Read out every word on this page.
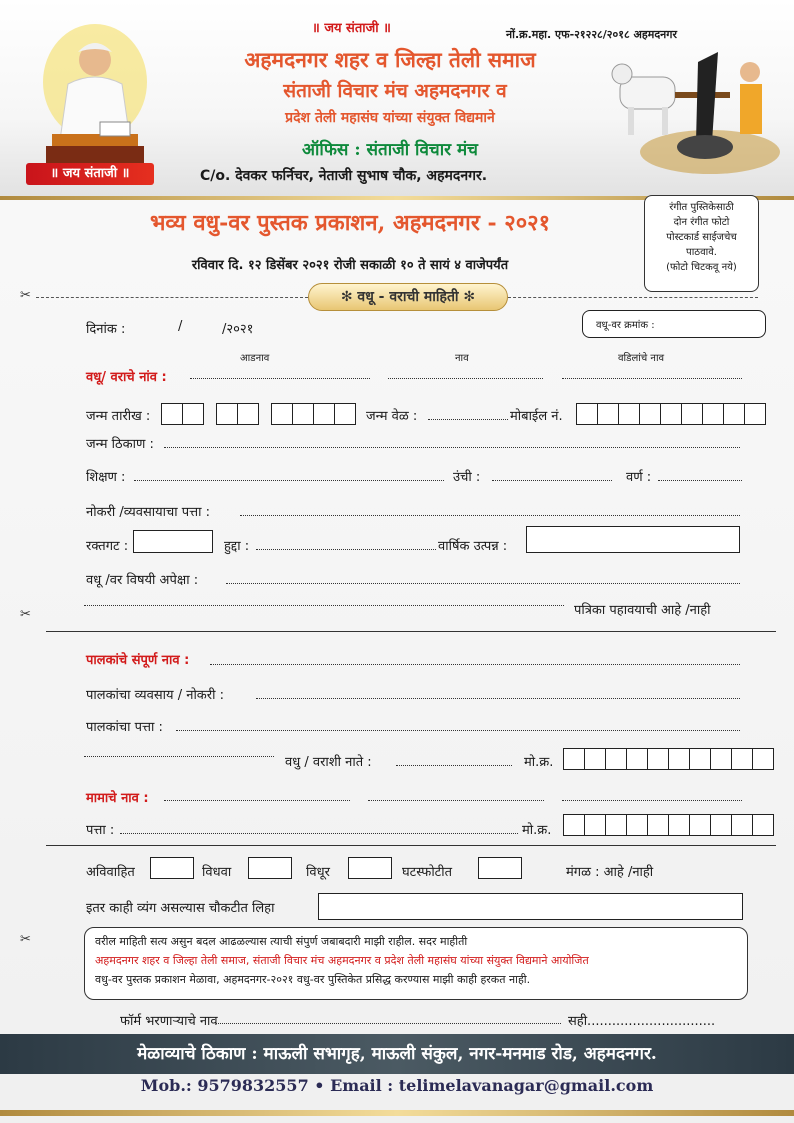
॥ जय संताजी ॥
॥ जय संताजी ॥	नों.क्र.महा. एफ-२१२२८/२०१८ अहमदनगर
अहमदनगर शहर व जिल्हा तेली समाज
संताजी विचार मंच अहमदनगर व
प्रदेश तेली महासंघ यांच्या संयुक्त विद्यमाने
ऑफिस : संताजी विचार मंच
C/o. देवकर फर्निचर, नेताजी सुभाष चौक, अहमदनगर.
भव्य वधु-वर पुस्तक प्रकाशन, अहमदनगर - २०२१
रविवार दि. १२ डिसेंबर २०२१ रोजी सकाळी १० ते सायं ४ वाजेपर्यंत
रंगीत पुस्तिकेसाठी
दोन रंगीत फोटो
पोस्टकार्ड साईजचेच
पाठवावे.
(फोटो चिटकवू नये)
✂	✻ वधू - वराची माहिती ✻
दिनांक :	/	/२०२१	वधू-वर क्रमांक :
आडनाव	नाव	वडिलांचे नाव
वधू/ वराचे नांव :
जन्म तारीख :	जन्म वेळ :	मोबाईल नं.
जन्म ठिकाण :
शिक्षण :	उंची :	वर्ण :
नोकरी /व्यवसायाचा पत्ता :
रक्तगट :	हुद्दा :	वार्षिक उत्पन्न :
वधू /वर विषयी अपेक्षा :
पत्रिका पहावयाची आहे /नाही
✂
पालकांचे संपूर्ण नाव :
पालकांचा व्यवसाय / नोकरी :
पालकांचा पत्ता :
वधु / वराशी नाते :	मो.क्र.
मामाचे नाव :
पत्ता :	मो.क्र.
अविवाहित	विधवा	विधूर	घटस्फोटीत	मंगळ : आहे /नाही
इतर काही व्यंग असल्यास चौकटीत लिहा
✂	वरील माहिती सत्य असुन बदल आढळल्यास त्याची संपुर्ण जबाबदारी माझी राहील. सदर माहीती
अहमदनगर शहर व जिल्हा तेली समाज, संताजी विचार मंच अहमदनगर व प्रदेश तेली महासंघ यांच्या संयुक्त विद्यमाने आयोजित
वधु-वर पुस्तक प्रकाशन मेळावा, अहमदनगर-२०२१ वधु-वर पुस्तिकेत प्रसिद्ध करण्यास माझी काही हरकत नाही.
फॉर्म भरणाऱ्याचे नाव	सही...............................
मेळाव्याचे ठिकाण : माऊली सभागृह, माऊली संकुल, नगर-मनमाड रोड, अहमदनगर.
Mob.: 9579832557 • Email : telimelavanagar@gmail.com
